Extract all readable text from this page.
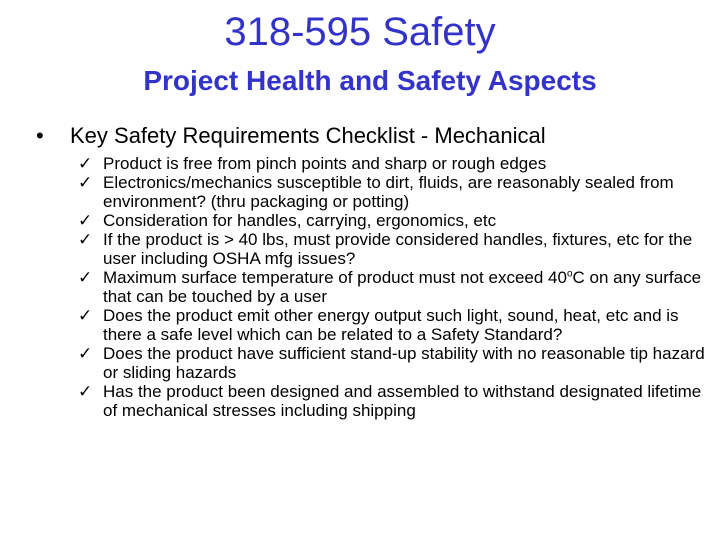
318-595 Safety
Project Health and Safety Aspects
• Key Safety Requirements Checklist - Mechanical
✓ Product is free from pinch points and sharp or rough edges
✓ Electronics/mechanics susceptible to dirt, fluids, are reasonably sealed from environment? (thru packaging or potting)
✓ Consideration for handles, carrying, ergonomics, etc
✓ If the product is > 40 lbs, must provide considered handles, fixtures, etc for the user including OSHA mfg issues?
✓ Maximum surface temperature of product must not exceed 40$^o$C on any surface that can be touched by a user
✓ Does the product emit other energy output such light, sound, heat, etc and is there a safe level which can be related to a Safety Standard?
✓ Does the product have sufficient stand-up stability with no reasonable tip hazard or sliding hazards
✓ Has the product been designed and assembled to withstand designated lifetime of mechanical stresses including shipping
